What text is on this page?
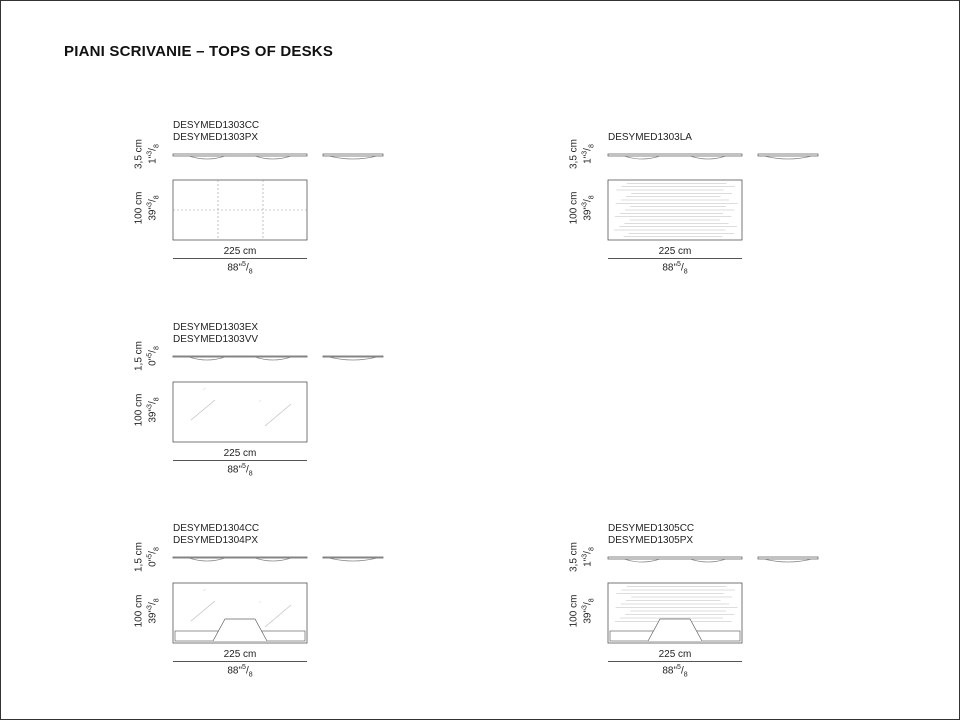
PIANI SCRIVANIE – TOPS OF DESKS
DESYMED1303CC
DESYMED1303PX
3,5 cm $1"^3/_8$
100 cm $39"^3/_8$
225 cm
$88"^5/_8$
DESYMED1303LA
3,5 cm $1"^3/_8$
100 cm $39"^3/_8$
225 cm
$88"^5/_8$
DESYMED1303EX
DESYMED1303VV
1,5 cm $0"^5/_8$
100 cm $39"^3/_8$
225 cm
$88"^5/_8$
DESYMED1304CC
DESYMED1304PX
1,5 cm $0"^5/_8$
100 cm $39"^3/_8$
225 cm
$88"^5/_8$
DESYMED1305CC
DESYMED1305PX
3,5 cm $1"^3/_8$
100 cm $39"^3/_8$
225 cm
$88"^5/_8$
